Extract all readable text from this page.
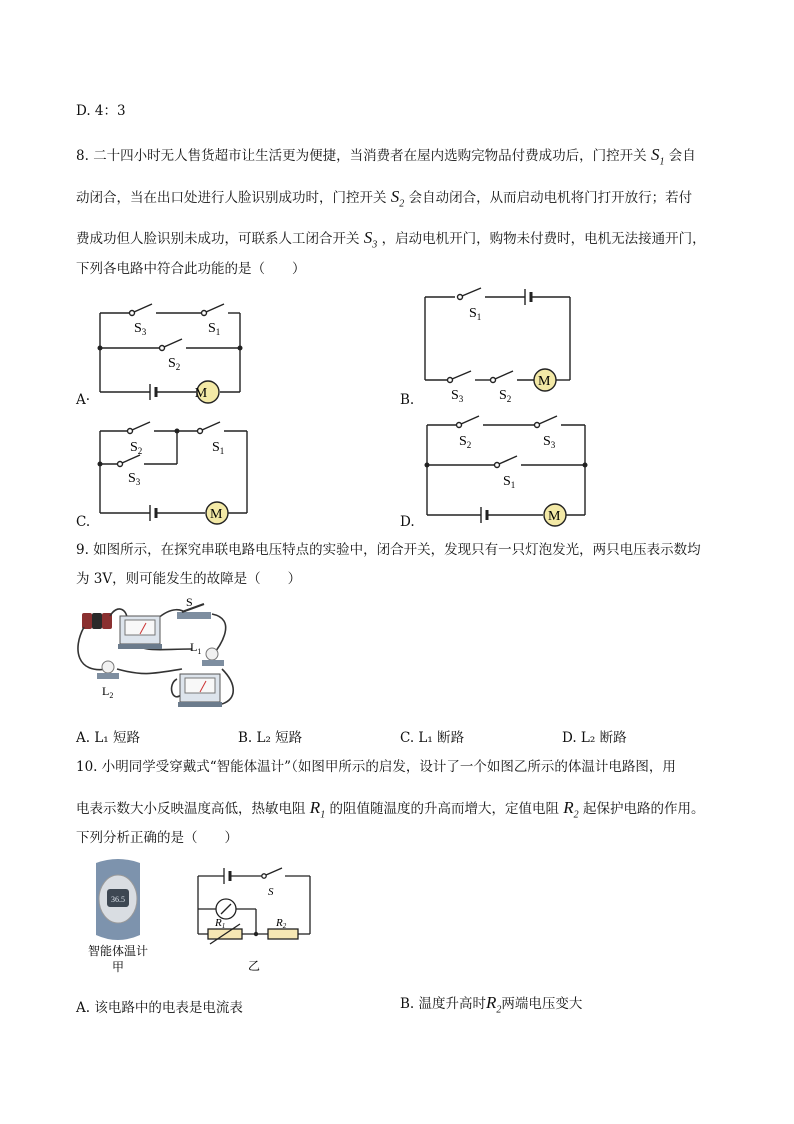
D. 4：3
8. 二十四小时无人售货超市让生活更为便捷，当消费者在屋内选购完物品付费成功后，门控开关 $S_1$ 会自
动闭合，当在出口处进行人脸识别成功时，门控开关 $S_2$ 会自动闭合，从而启动电机将门打开放行；若付
费成功但人脸识别未成功，可联系人工闭合开关 $S_3$ ，启动电机开门，购物未付费时，电机无法接通开门，
下列各电路中符合此功能的是（　　）
M
$S_3$	$S_1$
$S_2$
A·
M
$S_1$
$S_3$	$S_2$
B.
M
$S_2$
$S_3$
$S_1$
C.	M
$S_2$	$S_3$
$S_1$
D.
9. 如图所示，在探究串联电路电压特点的实验中，闭合开关，发现只有一只灯泡发光，两只电压表示数均
为 3V，则可能发生的故障是（　　）
S
$L_1$
$L_2$
A. L₁ 短路	B. L₂ 短路	C. L₁ 断路	D. L₂ 断路
10. 小明同学受穿戴式“智能体温计”（如图甲所示的启发，设计了一个如图乙所示的体温计电路图，用
电表示数大小反映温度高低，热敏电阻 $R_1$ 的阻值随温度的升高而增大，定值电阻 $R_2$ 起保护电路的作用。
下列分析正确的是（　　）
36.5
智能体温计
甲
S
R1	R2
乙
A. 该电路中的电表是电流表	B. 温度升高时$R_2$两端电压变大
